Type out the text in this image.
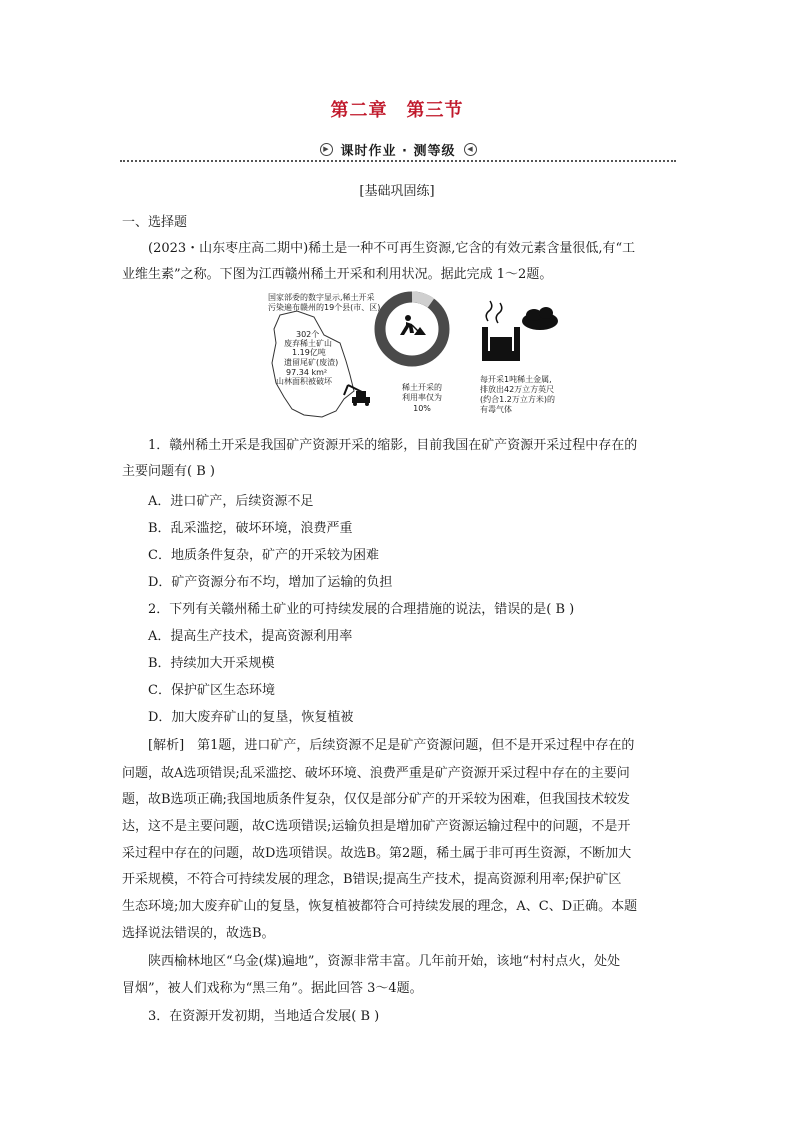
第二章　第三节
▶ 课时作业 · 测等级	◀
[基础巩固练]
一、选择题
(2023・山东枣庄高二期中)稀土是一种不可再生资源,它含的有效元素含量很低,有“工
业维生素”之称。下图为江西赣州稀土开采和利用状况。据此完成 1～2题。
国家部委的数字显示,稀土开采
污染遍布赣州的19个县(市、区)
302个
废弃稀土矿山
1.19亿吨
遗留尾矿(废渣)
97.34 km²
山林面积被破坏
稀土开采的
利用率仅为
10%
每开采1吨稀土金属,
排放出42万立方英尺
(约合1.2万立方米)的
有毒气体
1．赣州稀土开采是我国矿产资源开采的缩影，目前我国在矿产资源开采过程中存在的
主要问题有( B )
A．进口矿产，后续资源不足
B．乱采滥挖，破坏环境，浪费严重
C．地质条件复杂，矿产的开采较为困难
D．矿产资源分布不均，增加了运输的负担
2．下列有关赣州稀土矿业的可持续发展的合理措施的说法，错误的是( B )
A．提高生产技术，提高资源利用率
B．持续加大开采规模
C．保护矿区生态环境
D．加大废弃矿山的复垦，恢复植被
[解析]　第1题，进口矿产，后续资源不足是矿产资源问题，但不是开采过程中存在的
问题，故A选项错误;乱采滥挖、破坏环境、浪费严重是矿产资源开采过程中存在的主要问
题，故B选项正确;我国地质条件复杂，仅仅是部分矿产的开采较为困难，但我国技术较发
达，这不是主要问题，故C选项错误;运输负担是增加矿产资源运输过程中的问题，不是开
采过程中存在的问题，故D选项错误。故选B。第2题，稀土属于非可再生资源，不断加大
开采规模，不符合可持续发展的理念，B错误;提高生产技术，提高资源利用率;保护矿区
生态环境;加大废弃矿山的复垦，恢复植被都符合可持续发展的理念，A、C、D正确。本题
选择说法错误的，故选B。
陕西榆林地区“乌金(煤)遍地”，资源非常丰富。几年前开始，该地“村村点火，处处
冒烟”，被人们戏称为“黑三角”。据此回答 3～4题。
3．在资源开发初期，当地适合发展( B )
